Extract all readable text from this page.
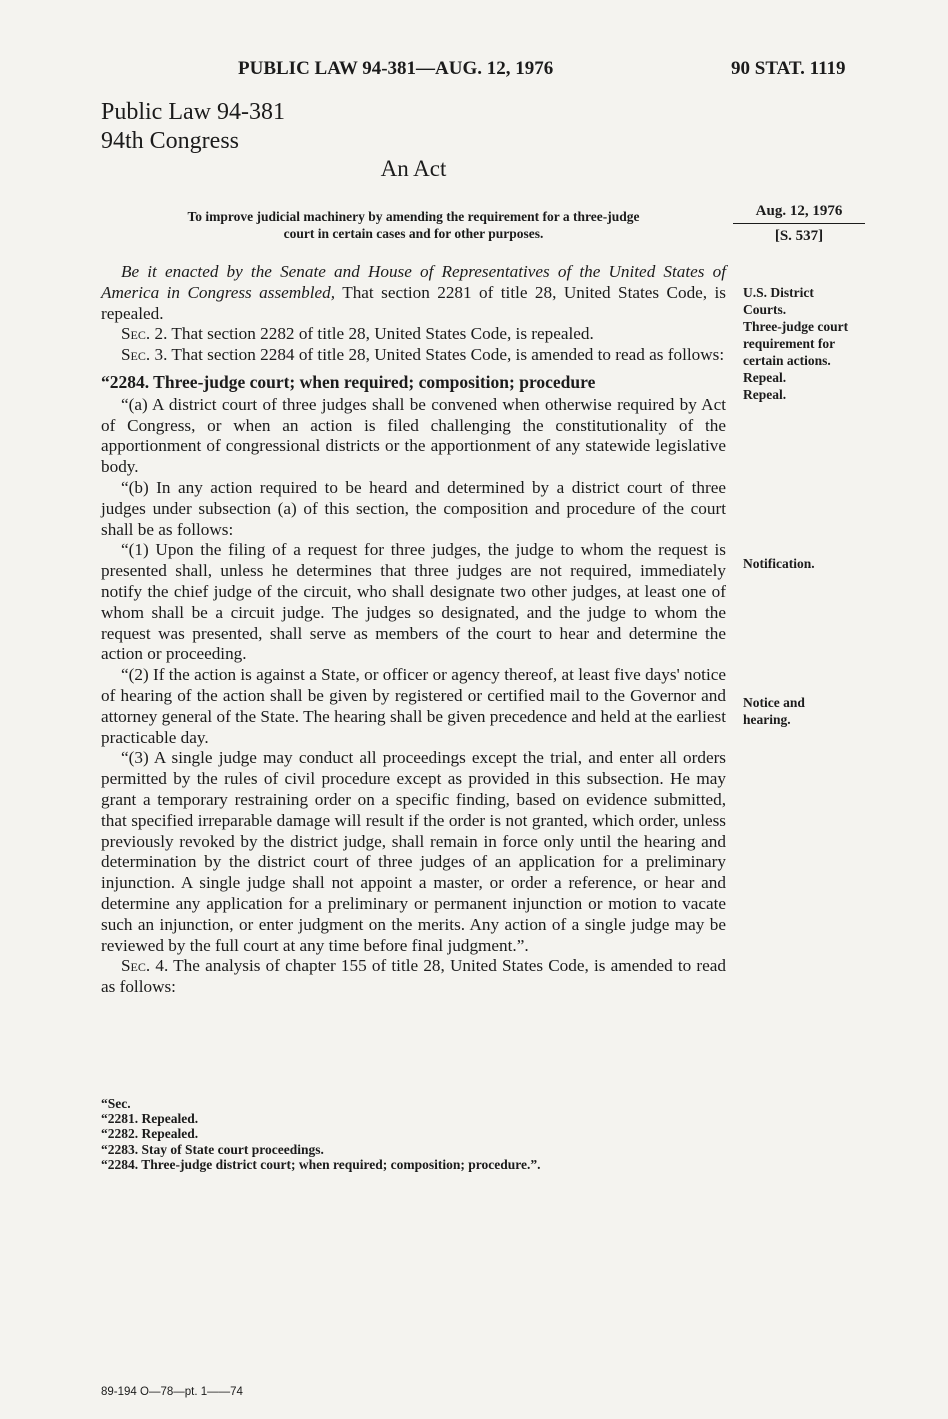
PUBLIC LAW 94-381—AUG. 12, 1976	90 STAT. 1119
Public Law 94-381
94th Congress
An Act
To improve judicial machinery by amending the requirement for a three-judge
court in certain cases and for other purposes.
Aug. 12, 1976
[S. 537]

Be it enacted by the Senate and House of Representatives of the United States of America in Congress assembled, That section 2281 of title 28, United States Code, is repealed.

Sec. 2. That section 2282 of title 28, United States Code, is repealed.

Sec. 3. That section 2284 of title 28, United States Code, is amended to read as follows:

“2284. Three-judge court; when required; composition; procedure

“(a) A district court of three judges shall be convened when otherwise required by Act of Congress, or when an action is filed challenging the constitutionality of the apportionment of congressional districts or the apportionment of any statewide legislative body.

“(b) In any action required to be heard and determined by a district court of three judges under subsection (a) of this section, the composition and procedure of the court shall be as follows:

“(1) Upon the filing of a request for three judges, the judge to whom the request is presented shall, unless he determines that three judges are not required, immediately notify the chief judge of the circuit, who shall designate two other judges, at least one of whom shall be a circuit judge. The judges so designated, and the judge to whom the request was presented, shall serve as members of the court to hear and determine the action or proceeding.

“(2) If the action is against a State, or officer or agency thereof, at least five days' notice of hearing of the action shall be given by registered or certified mail to the Governor and attorney general of the State. The hearing shall be given precedence and held at the earliest practicable day.

“(3) A single judge may conduct all proceedings except the trial, and enter all orders permitted by the rules of civil procedure except as provided in this subsection. He may grant a temporary restraining order on a specific finding, based on evidence submitted, that specified irreparable damage will result if the order is not granted, which order, unless previously revoked by the district judge, shall remain in force only until the hearing and determination by the district court of three judges of an application for a preliminary injunction. A single judge shall not appoint a master, or order a reference, or hear and determine any application for a preliminary or permanent injunction or motion to vacate such an injunction, or enter judgment on the merits. Any action of a single judge may be reviewed by the full court at any time before final judgment.”.

Sec. 4. The analysis of chapter 155 of title 28, United States Code, is amended to read as follows:

“Sec.
“2281. Repealed.
“2282. Repealed.
“2283. Stay of State court proceedings.
“2284. Three-judge district court; when required; composition; procedure.”.
U.S. District
Courts.
Three-judge court
requirement for
certain actions.
Repeal.
Repeal.
Notification.
Notice and
hearing.
89-194 O—78—pt. 1——74
